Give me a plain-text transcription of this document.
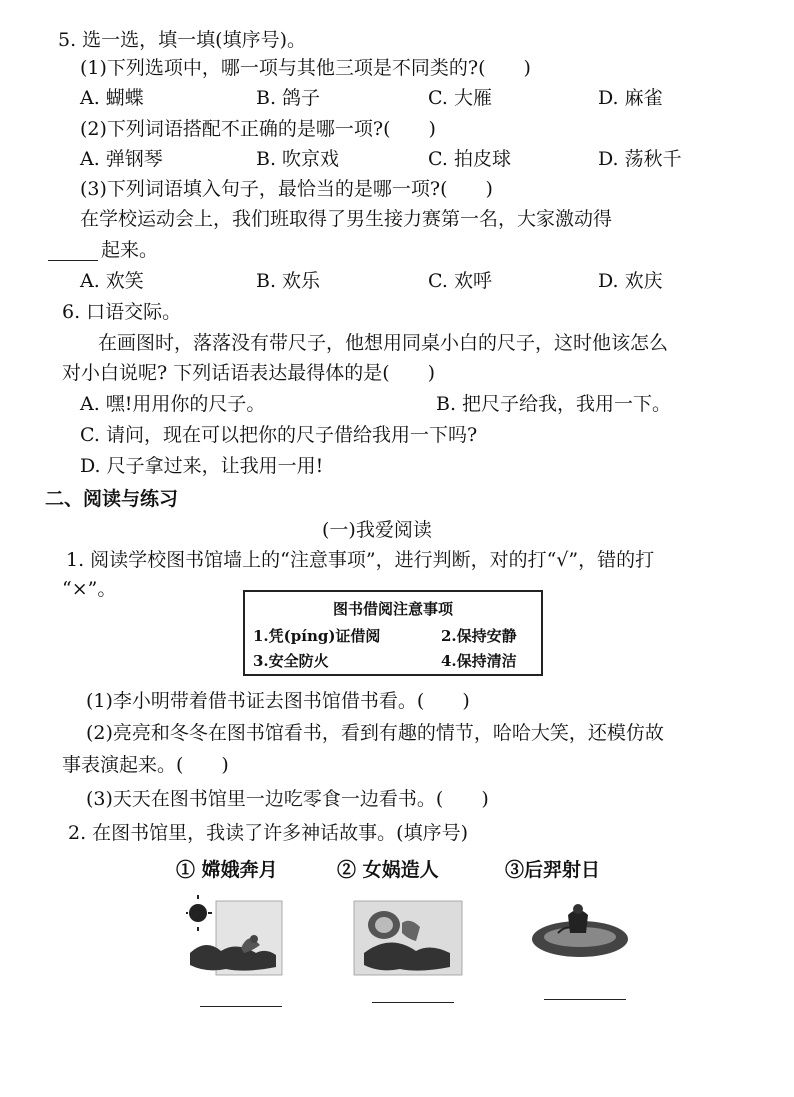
5. 选一选，填一填(填序号)。
(1)下列选项中，哪一项与其他三项是不同类的?(　　)
A. 蝴蝶	B. 鸽子	C. 大雁	D. 麻雀
(2)下列词语搭配不正确的是哪一项?(　　)
A. 弹钢琴	B. 吹京戏	C. 拍皮球	D. 荡秋千
(3)下列词语填入句子，最恰当的是哪一项?(　　)
在学校运动会上，我们班取得了男生接力赛第一名，大家激动得
起来。
A. 欢笑	B. 欢乐	C. 欢呼	D. 欢庆
6. 口语交际。
在画图时，落落没有带尺子，他想用同桌小白的尺子，这时他该怎么
对小白说呢? 下列话语表达最得体的是(　　)
A. 嘿!用用你的尺子。	B. 把尺子给我，我用一下。
C. 请问，现在可以把你的尺子借给我用一下吗?
D. 尺子拿过来，让我用一用!
二、阅读与练习
(一)我爱阅读
1. 阅读学校图书馆墙上的“注意事项”，进行判断，对的打“√”，错的打
“×”。
图书借阅注意事项
1.凭(píng)证借阅	2.保持安静
3.安全防火	4.保持清洁
(1)李小明带着借书证去图书馆借书看。(　　)
(2)亮亮和冬冬在图书馆看书，看到有趣的情节，哈哈大笑，还模仿故
事表演起来。(　　)
(3)天天在图书馆里一边吃零食一边看书。(　　)
2. 在图书馆里，我读了许多神话故事。(填序号)
① 嫦娥奔月	② 女娲造人	③后羿射日
